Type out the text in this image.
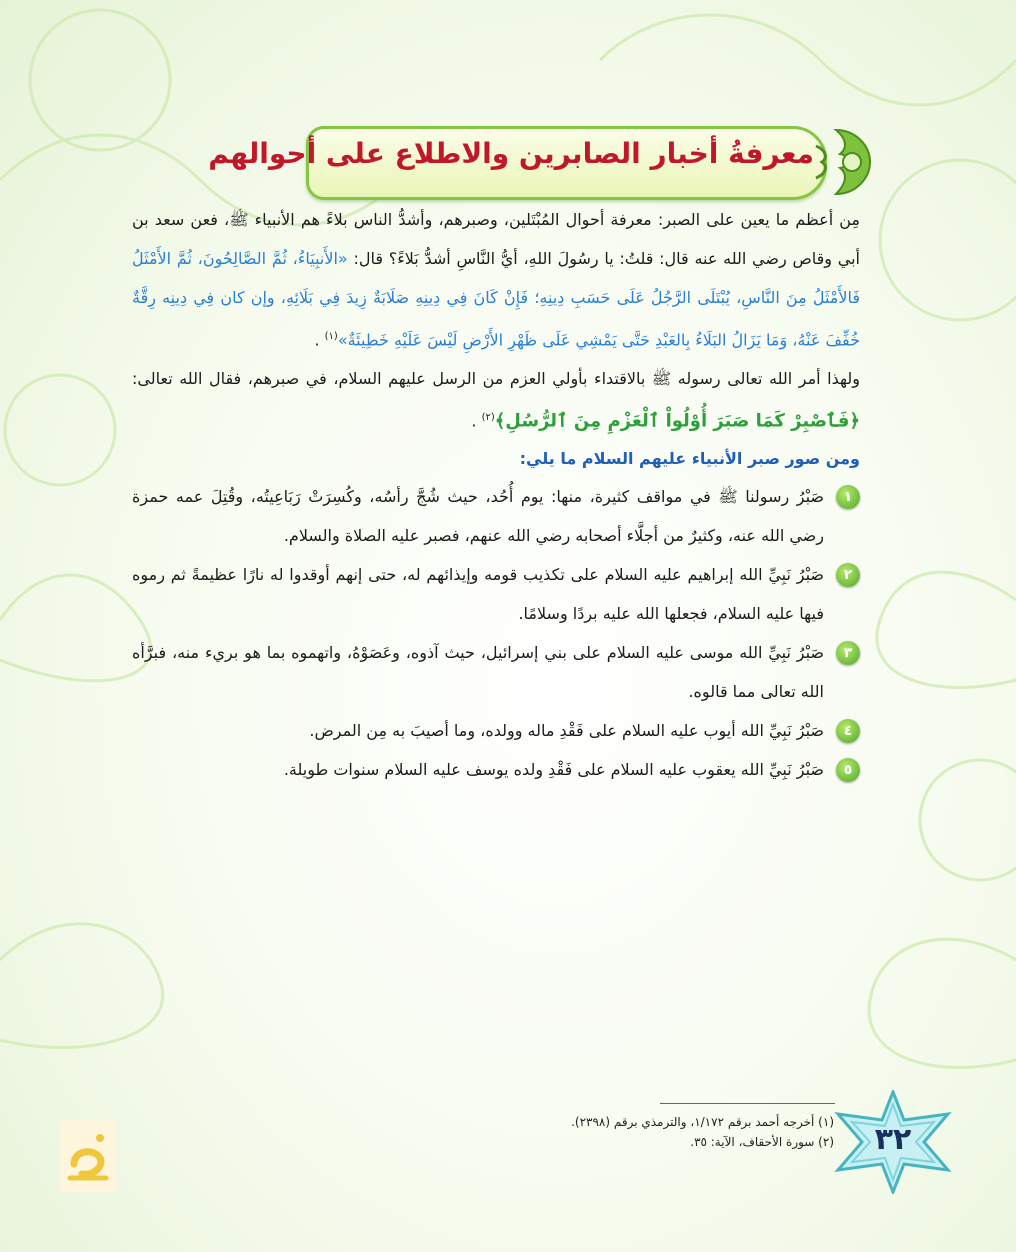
معرفةُ أخبار الصابرين والاطلاع على أحوالهم

مِن أعظم ما يعين على الصبر: معرفة أحوال المُبْتَلين، وصبرهم، وأشدُّ الناس بلاءً هم الأنبياء ﷺ، فعن سعد بن أبي وقاص رضي الله عنه قال: قلتُ: يا رسُولَ اللهِ، أيُّ النَّاسِ أشدُّ بَلاءً؟ قال: «الأَنبِيَاءُ، ثُمَّ الصَّالِحُونَ، ثُمَّ الأَمْثَلُ فَالأَمْثَلُ مِنَ النَّاسِ، يُبْتَلَى الرَّجُلُ عَلَى حَسَبِ دِينِهِ؛ فَإِنْ كَانَ فِي دِينِهِ صَلَابَةٌ زِيدَ فِي بَلَائِهِ، وإن كان فِي دِينِه رِقَّةٌ خُفِّفَ عَنْهُ، وَمَا يَزَالُ البَلَاءُ بِالعَبْدِ حَتَّى يَمْشِي عَلَى ظَهْرِ الأَرْضِ لَيْسَ عَلَيْهِ خَطِيئَةٌ»$^{(١)}$ .

ولهذا أمر الله تعالى رسوله ﷺ بالاقتداء بأولي العزم من الرسل عليهم السلام، في صبرهم، فقال الله تعالى: ﴿فَٱصْبِرْ كَمَا صَبَرَ أُوْلُواْ ٱلْعَزْمِ مِنَ ٱلرُّسُلِ﴾$^{(٢)}$ .

ومن صور صبر الأنبياء عليهم السلام ما يلي:

١
صَبْرُ رسولنا ﷺ في مواقف كثيرة، منها: يوم أُحُد، حيث شُجَّ رأسُه، وكُسِرَتْ رَبَاعِيتُه، وقُتِلَ عمه حمزة رضي الله عنه، وكثيرٌ من أجلَّاء أصحابه رضي الله عنهم، فصبر عليه الصلاة والسلام.
٢
صَبْرُ نَبِيِّ الله إبراهيم عليه السلام على تكذيب قومه وإيذائهم له، حتى إنهم أوقدوا له نارًا عظيمةً ثم رموه فيها عليه السلام، فجعلها الله عليه بردًا وسلامًا.
٣
صَبْرُ نَبِيِّ الله موسى عليه السلام على بني إسرائيل، حيث آذوه، وعَصَوْهُ، واتهموه بما هو بريء منه، فبرَّأه الله تعالى مما قالوه.
٤
صَبْرُ نَبِيِّ الله أيوب عليه السلام على فَقْدِ ماله وولده، وما أصيبَ به مِن المرض.
٥
صَبْرُ نَبِيِّ الله يعقوب عليه السلام على فَقْدِ ولده يوسف عليه السلام سنوات طويلة.
(١) أخرجه أحمد برقم ١/١٧٢، والترمذي برقم (٢٣٩٨).
(٢) سورة الأحقاف، الآية: ٣٥.	٣٢
